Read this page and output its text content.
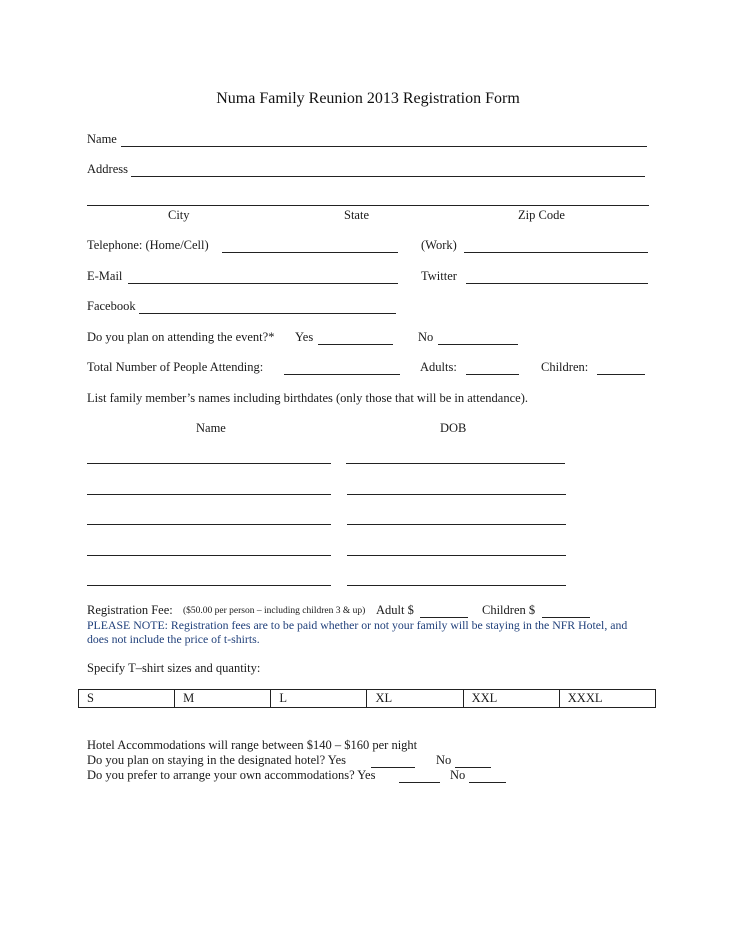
Numa Family Reunion 2013 Registration Form
Name
Address
City	State	Zip Code
Telephone: (Home/Cell)	(Work)
E-Mail	Twitter
Facebook
Do you plan on attending the event?* Yes	No
Total Number of People Attending:	Adults:	Children:
List family member’s names including birthdates (only those that will be in attendance).
Name	DOB
Registration Fee: ($50.00 per person – including children 3 & up) Adult $	Children $
PLEASE NOTE: Registration fees are to be paid whether or not your family will be staying in the NFR Hotel, and
does not include the price of t-shirts.
Specify T–shirt sizes and quantity:
S	M	L	XL	XXL	XXXL
Hotel Accommodations will range between $140 – $160 per night
Do you plan on staying in the designated hotel? Yes	No
Do you prefer to arrange your own accommodations? Yes	No
